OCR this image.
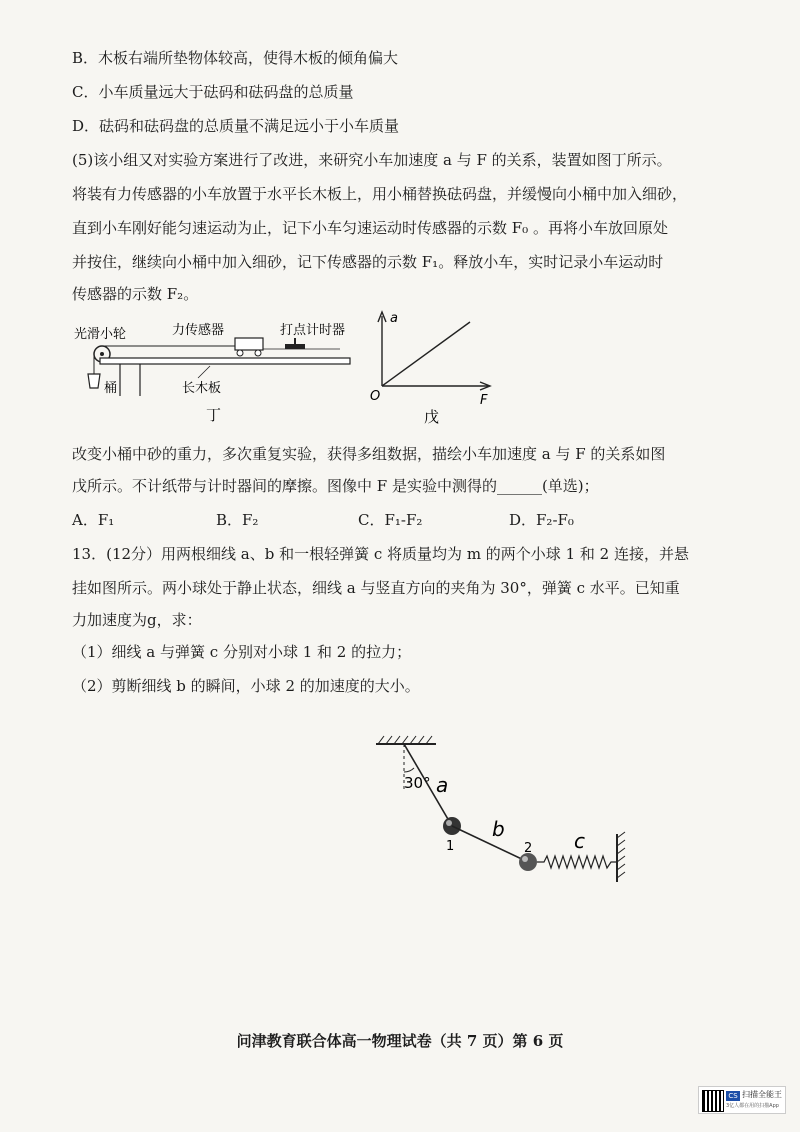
B．木板右端所垫物体较高，使得木板的倾角偏大
C．小车质量远大于砝码和砝码盘的总质量
D．砝码和砝码盘的总质量不满足远小于小车质量
(5)该小组又对实验方案进行了改进，来研究小车加速度 a 与 F 的关系，装置如图丁所示。
将装有力传感器的小车放置于水平长木板上，用小桶替换砝码盘，并缓慢向小桶中加入细砂，
直到小车刚好能匀速运动为止，记下小车匀速运动时传感器的示数 F₀ 。再将小车放回原处
并按住，继续向小桶中加入细砂，记下传感器的示数 F₁。释放小车，实时记录小车运动时
传感器的示数 F₂。
光滑小轮	力传感器	打点计时器
桶	长木板
丁
a
F
O
戊
改变小桶中砂的重力，多次重复实验，获得多组数据，描绘小车加速度 a 与 F 的关系如图
戊所示。不计纸带与计时器间的摩擦。图像中 F 是实验中测得的______(单选)；
A．F₁	B．F₂	C．F₁-F₂	D．F₂-F₀
13．(12分）用两根细线 a、b 和一根轻弹簧 c 将质量均为 m 的两个小球 1 和 2 连接，并悬
挂如图所示。两小球处于静止状态，细线 a 与竖直方向的夹角为 30°，弹簧 c 水平。已知重
力加速度为g，求：
（1）细线 a 与弹簧 c 分别对小球 1 和 2 的拉力；
（2）剪断细线 b 的瞬间，小球 2 的加速度的大小。
30° a
1
b
2 c
问津教育联合体高一物理试卷（共 7 页）第 6 页
CS 扫描全能王
3亿人都在用的扫描App
